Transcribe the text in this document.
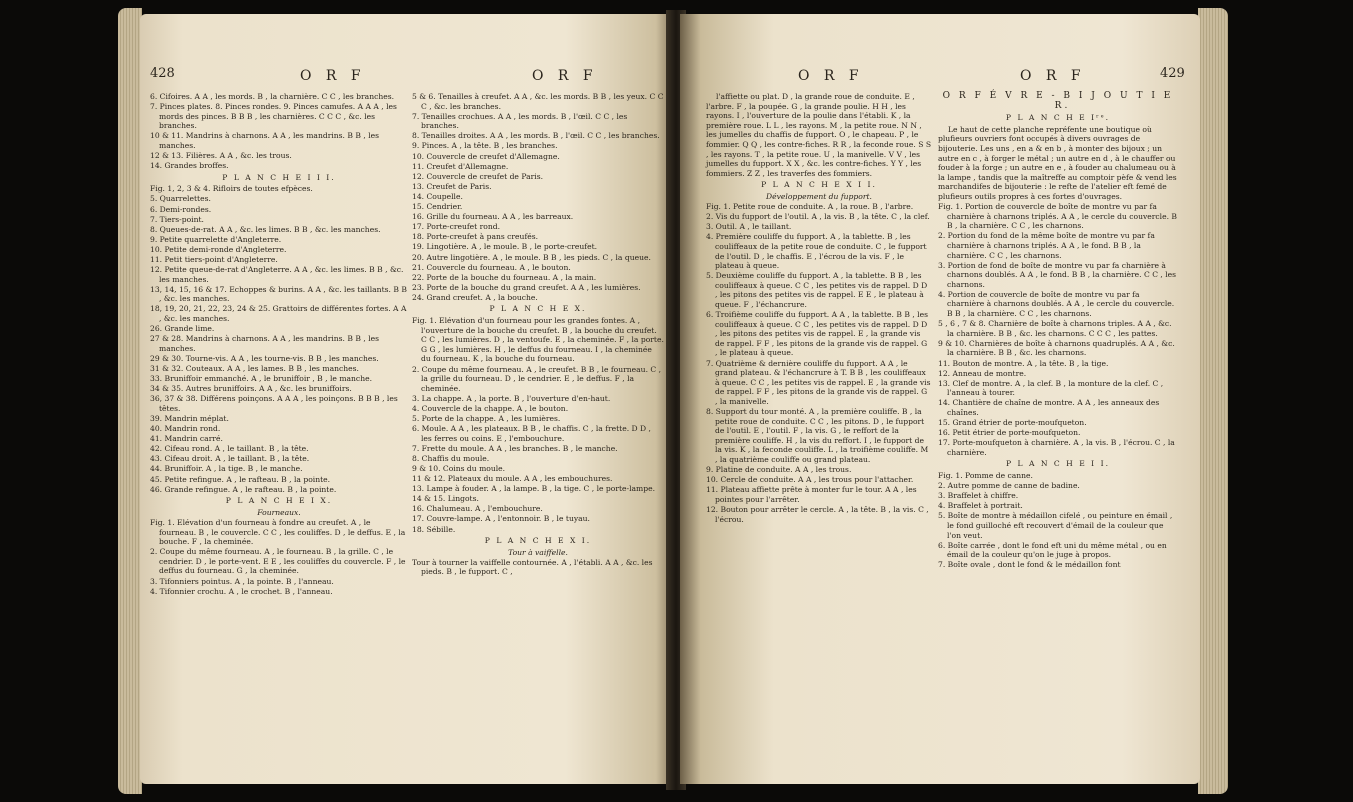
428	O R F	O R F

6. Cifoires. A A , les mords. B , la charnière. C C , les branches.

7. Pinces plates. 8. Pinces rondes. 9. Pinces camufes. A A A , les mords des pinces. B B B , les charnières. C C C , &c. les branches.

10 & 11. Mandrins à charnons. A A , les mandrins. B B , les manches.

12 & 13. Filières. A A , &c. les trous.

14. Grandes broffes.

P L A N C H E I I I.

Fig. 1, 2, 3 & 4. Rifloirs de toutes efpèces.

5. Quarrelettes.

6. Demi-rondes.

7. Tiers-point.

8. Queues-de-rat. A A , &c. les limes. B B , &c. les manches.

9. Petite quarrelette d'Angleterre.

10. Petite demi-ronde d'Angleterre.

11. Petit tiers-point d'Angleterre.

12. Petite queue-de-rat d'Angleterre. A A , &c. les limes. B B , &c. les manches.

13, 14, 15, 16 & 17. Echoppes & burins. A A , &c. les taillants. B B , &c. les manches.

18, 19, 20, 21, 22, 23, 24 & 25. Grattoirs de différentes fortes. A A , &c. les manches.

26. Grande lime.

27 & 28. Mandrins à charnons. A A , les mandrins. B B , les manches.

29 & 30. Tourne-vis. A A , les tourne-vis. B B , les manches.

31 & 32. Couteaux. A A , les lames. B B , les manches.

33. Bruniffoir emmanché. A , le bruniffoir , B , le manche.

34 & 35. Autres bruniffoirs. A A , &c. les bruniffoirs.

36, 37 & 38. Différens poinçons. A A A , les poinçons. B B B , les têtes.

39. Mandrin méplat.

40. Mandrin rond.

41. Mandrin carré.

42. Cifeau rond. A , le taillant. B , la tête.

43. Cifeau droit. A , le taillant. B , la tête.

44. Bruniffoir. A , la tige. B , le manche.

45. Petite refingue. A , le rafteau. B , la pointe.

46. Grande refingue. A , le rafteau. B , la pointe.

P L A N C H E I X.

Fourneaux.

Fig. 1. Elévation d'un fourneau à fondre au creufet. A , le fourneau. B , le couvercle. C C , les couliffes. D , le deffus. E , la bouche. F , la cheminée.

2. Coupe du même fourneau. A , le fourneau. B , la grille. C , le cendrier. D , le porte-vent. E E , les couliffes du couvercle. F , le deffus du fourneau. G , la cheminée.

3. Tifonniers pointus. A , la pointe. B , l'anneau.

4. Tifonnier crochu. A , le crochet. B , l'anneau.

5 & 6. Tenailles à creufet. A A , &c. les mords. B B , les yeux. C C C , &c. les branches.

7. Tenailles crochues. A A , les mords. B , l'œil. C C , les branches.

8. Tenailles droites. A A , les mords. B , l'œil. C C , les branches.

9. Pinces. A , la tête. B , les branches.

10. Couvercle de creufet d'Allemagne.

11. Creufet d'Allemagne.

12. Couvercle de creufet de Paris.

13. Creufet de Paris.

14. Coupelle.

15. Cendrier.

16. Grille du fourneau. A A , les barreaux.

17. Porte-creufet rond.

18. Porte-creufet à pans creufés.

19. Lingotière. A , le moule. B , le porte-creufet.

20. Autre lingotière. A , le moule. B B , les pieds. C , la queue.

21. Couvercle du fourneau. A , le bouton.

22. Porte de la bouche du fourneau. A , la main.

23. Porte de la bouche du grand creufet. A A , les lumières.

24. Grand creufet. A , la bouche.

P L A N C H E X.

Fig. 1. Elévation d'un fourneau pour les grandes fontes. A , l'ouverture de la bouche du creufet. B , la bouche du creufet. C C , les lumières. D , la ventoufe. E , la cheminée. F , la porte. G G , les lumières. H , le deffus du fourneau. I , la cheminée du fourneau. K , la bouche du fourneau.

2. Coupe du même fourneau. A , le creufet. B B , le fourneau. C , la grille du fourneau. D , le cendrier. E , le deffus. F , la cheminée.

3. La chappe. A , la porte. B , l'ouverture d'en-haut.

4. Couvercle de la chappe. A , le bouton.

5. Porte de la chappe. A , les lumières.

6. Moule. A A , les plateaux. B B , le chaffis. C , la frette. D D , les ferres ou coins. E , l'embouchure.

7. Frette du moule. A A , les branches. B , le manche.

8. Chaffis du moule.

9 & 10. Coins du moule.

11 & 12. Plateaux du moule. A A , les embouchures.

13. Lampe à fouder. A , la lampe. B , la tige. C , le porte-lampe.

14 & 15. Lingots.

16. Chalumeau. A , l'embouchure.

17. Couvre-lampe. A , l'entonnoir. B , le tuyau.

18. Sébille.

P L A N C H E X I.

Tour à vaiffelle.

Tour à tourner la vaiffelle contournée. A , l'établi. A A , &c. les pieds. B , le fupport. C ,

O R F	O R F	429

l'affiette ou plat. D , la grande roue de conduite. E , l'arbre. F , la poupée. G , la grande poulie. H H , les rayons. I , l'ouverture de la poulie dans l'établi. K , la première roue. L L , les rayons. M , la petite roue. N N , les jumelles du chaffis de fupport. O , le chapeau. P , le fommier. Q Q , les contre-fiches. R R , la feconde roue. S S , les rayons. T , la petite roue. U , la manivelle. V V , les jumelles du fupport. X X , &c. les contre-fiches. Y Y , les fommiers. Z Z , les traverfes des fommiers.

P L A N C H E X I I.

Développement du fupport.

Fig. 1. Petite roue de conduite. A , la roue. B , l'arbre.

2. Vis du fupport de l'outil. A , la vis. B , la tête. C , la clef.

3. Outil. A , le taillant.

4. Première couliffe du fupport. A , la tablette. B , les couliffeaux de la petite roue de conduite. C , le fupport de l'outil. D , le chaffis. E , l'écrou de la vis. F , le plateau à queue.

5. Deuxième couliffe du fupport. A , la tablette. B B , les couliffeaux à queue. C C , les petites vis de rappel. D D , les pitons des petites vis de rappel. E E , le plateau à queue. F , l'échancrure.

6. Troifième couliffe du fupport. A A , la tablette. B B , les couliffeaux à queue. C C , les petites vis de rappel. D D , les pitons des petites vis de rappel. E , la grande vis de rappel. F F , les pitons de la grande vis de rappel. G , le plateau à queue.

7. Quatrième & dernière couliffe du fupport. A A , le grand plateau. & l'échancrure à T. B B , les couliffeaux à queue. C C , les petites vis de rappel. E , la grande vis de rappel. F F , les pitons de la grande vis de rappel. G , la manivelle.

8. Support du tour monté. A , la première couliffe. B , la petite roue de conduite. C C , les pitons. D , le fupport de l'outil. E , l'outil. F , la vis. G , le reffort de la première couliffe. H , la vis du reffort. I , le fupport de la vis. K , la feconde couliffe. L , la troifième couliffe. M , la quatrième couliffe ou grand plateau.

9. Platine de conduite. A A , les trous.

10. Cercle de conduite. A A , les trous pour l'attacher.

11. Plateau affiette prête à monter fur le tour. A A , les pointes pour l'arrêter.

12. Bouton pour arrêter le cercle. A , la tête. B , la vis. C , l'écrou.

O R F É V R E - B I J O U T I E R.

P L A N C H E Iʳᵉ.

Le haut de cette planche repréfente une boutique où plufieurs ouvriers font occupés à divers ouvrages de bijouterie. Les uns , en a & en b , à monter des bijoux ; un autre en c , à forger le métal ; un autre en d , à le chauffer ou fouder à la forge ; un autre en e , à fouder au chalumeau ou à la lampe , tandis que la maîtreffe au comptoir pèfe & vend les marchandifes de bijouterie : le refte de l'atelier eft femé de plufieurs outils propres à ces fortes d'ouvrages.

Fig. 1. Portion de couvercle de boîte de montre vu par fa charnière à charnons triplés. A A , le cercle du couvercle. B B , la charnière. C C , les charnons.

2. Portion du fond de la même boîte de montre vu par fa charnière à charnons triplés. A A , le fond. B B , la charnière. C C , les charnons.

3. Portion de fond de boîte de montre vu par fa charnière à charnons doublés. A A , le fond. B B , la charnière. C C , les charnons.

4. Portion de couvercle de boîte de montre vu par fa charnière à charnons doublés. A A , le cercle du couvercle. B B , la charnière. C C , les charnons.

5 , 6 , 7 & 8. Charnière de boîte à charnons triples. A A , &c. la charnière. B B , &c. les charnons. C C C , les pattes.

9 & 10. Charnières de boîte à charnons quadruplés. A A , &c. la charnière. B B , &c. les charnons.

11. Bouton de montre. A , la tête. B , la tige.

12. Anneau de montre.

13. Clef de montre. A , la clef. B , la monture de la clef. C , l'anneau à tourer.

14. Chantière de chaîne de montre. A A , les anneaux des chaînes.

15. Grand étrier de porte-moufqueton.

16. Petit étrier de porte-moufqueton.

17. Porte-moufqueton à charnière. A , la vis. B , l'écrou. C , la charnière.

P L A N C H E I I.

Fig. 1. Pomme de canne.

2. Autre pomme de canne de badine.

3. Braffelet à chiffre.

4. Braffelet à portrait.

5. Boîte de montre à médaillon cifelé , ou peinture en émail , le fond guilloché eft recouvert d'émail de la couleur que l'on veut.

6. Boîte carrée , dont le fond eft uni du même métal , ou en émail de la couleur qu'on le juge à propos.

7. Boîte ovale , dont le fond & le médaillon font
